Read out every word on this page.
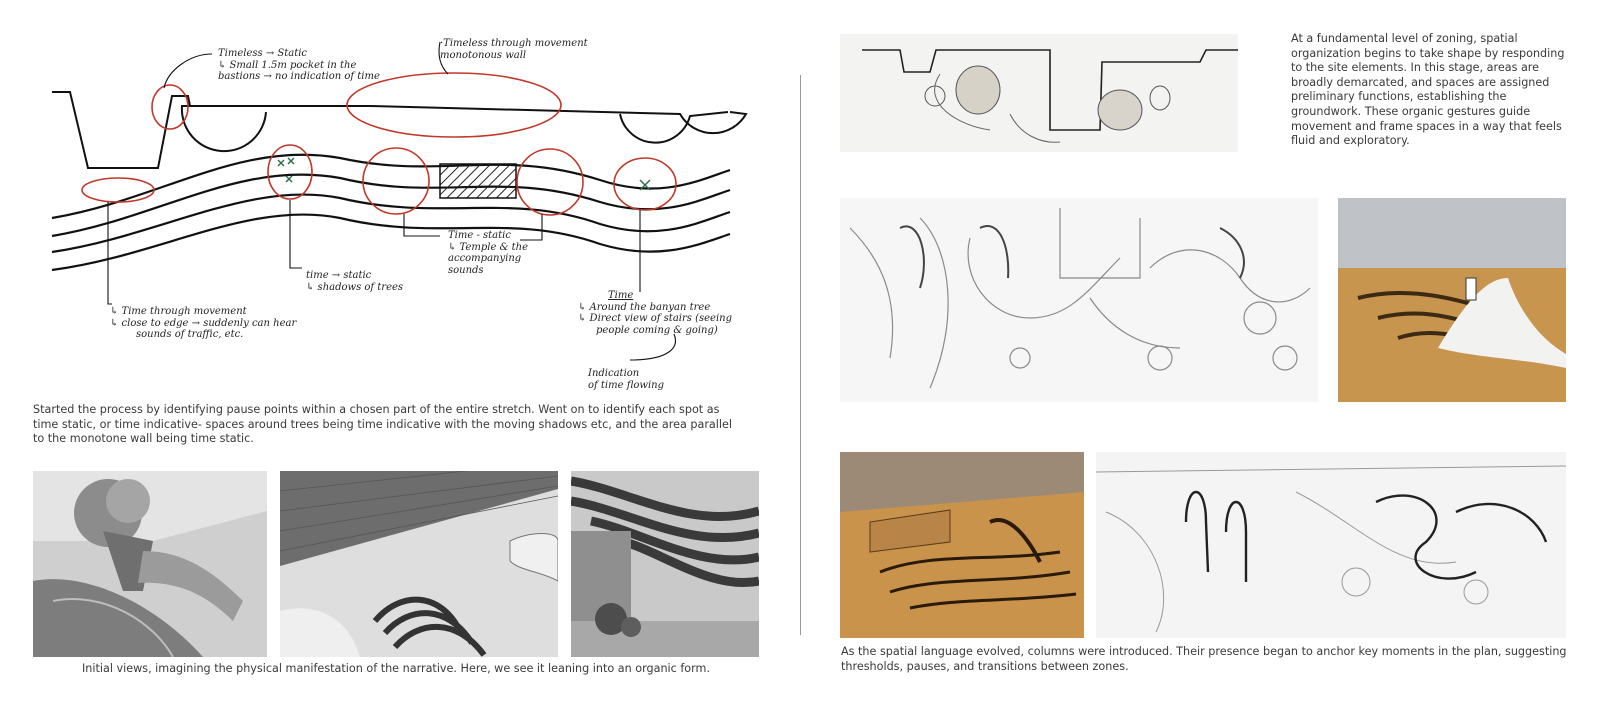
Timeless → Static
↳ Small 1.5m pocket in the
bastions → no indication of time
·Timeless through movement
monotonous wall
Time - static
↳ Temple & the
accompanying
sounds
time → static
↳ shadows of trees
↳ Time through movement
↳ close to edge → suddenly can hear
sounds of traffic, etc.
Time
↳ Around the banyan tree
↳ Direct view of stairs (seeing
people coming & going)
Indication
of time flowing
Started the process by identifying pause points within a chosen part of the entire stretch. Went on to identify each spot as time static, or time indicative- spaces around trees being time indicative with the moving shadows etc, and the area parallel to the monotone wall being time static.
Initial views, imagining the physical manifestation of the narrative. Here, we see it leaning into an organic form.
At a fundamental level of zoning, spatial organization begins to take shape by responding to the site elements. In this stage, areas are broadly demarcated, and spaces are assigned preliminary functions, establishing the groundwork. These organic gestures guide movement and frame spaces in a way that feels fluid and exploratory.
As the spatial language evolved, columns were introduced. Their presence began to anchor key moments in the plan, suggesting thresholds, pauses, and transitions between zones.
